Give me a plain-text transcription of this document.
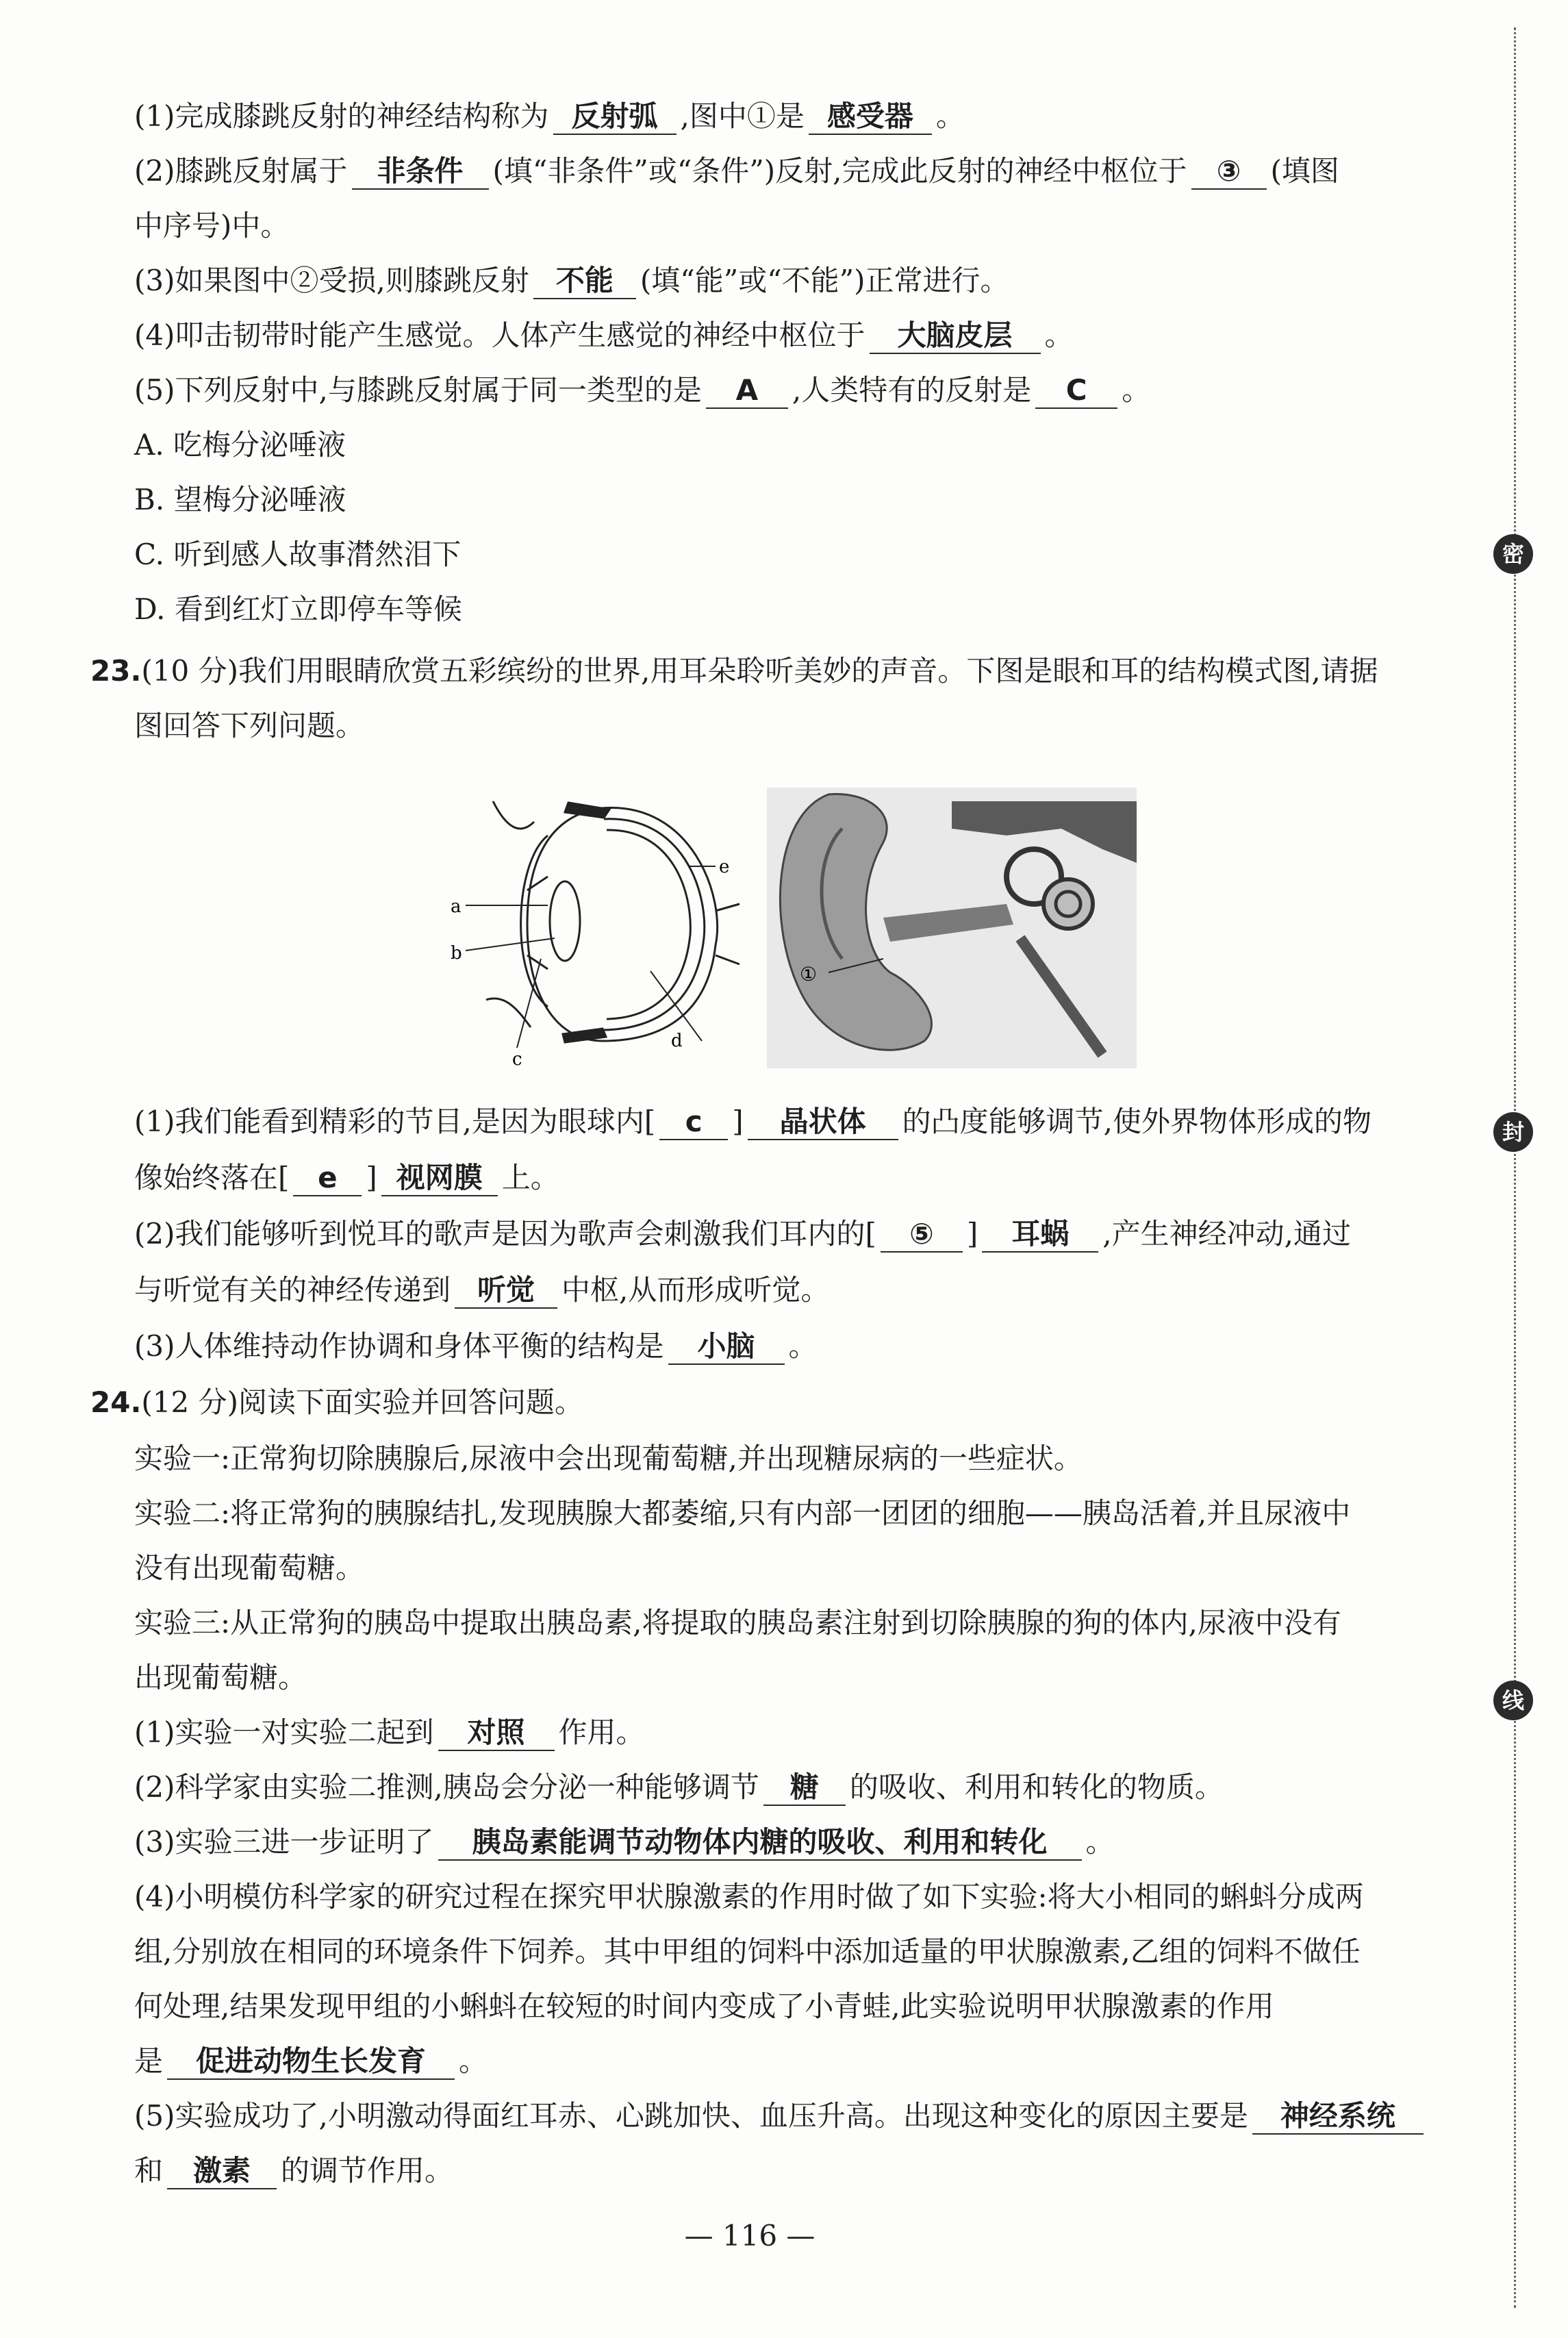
密
封
线
(1)完成膝跳反射的神经结构称为 反射弧 ,图中①是 感受器 。
(2)膝跳反射属于 非条件 (填“非条件”或“条件”)反射,完成此反射的神经中枢位于 ③ (填图
中序号)中。
(3)如果图中②受损,则膝跳反射 不能 (填“能”或“不能”)正常进行。
(4)叩击韧带时能产生感觉。人体产生感觉的神经中枢位于 大脑皮层 。
(5)下列反射中,与膝跳反射属于同一类型的是 A ,人类特有的反射是 C 。
A. 吃梅分泌唾液
B. 望梅分泌唾液
C. 听到感人故事潸然泪下
D. 看到红灯立即停车等候
23.(10 分)我们用眼睛欣赏五彩缤纷的世界,用耳朵聆听美妙的声音。下图是眼和耳的结构模式图,请据
图回答下列问题。
a
b
c
d
e
①
(1)我们能看到精彩的节目,是因为眼球内[ c ] 晶状体 的凸度能够调节,使外界物体形成的物
像始终落在[ e ] 视网膜 上。
(2)我们能够听到悦耳的歌声是因为歌声会刺激我们耳内的[ ⑤ ] 耳蜗 ,产生神经冲动,通过
与听觉有关的神经传递到 听觉 中枢,从而形成听觉。
(3)人体维持动作协调和身体平衡的结构是 小脑 。
24.(12 分)阅读下面实验并回答问题。
实验一:正常狗切除胰腺后,尿液中会出现葡萄糖,并出现糖尿病的一些症状。
实验二:将正常狗的胰腺结扎,发现胰腺大都萎缩,只有内部一团团的细胞——胰岛活着,并且尿液中
没有出现葡萄糖。
实验三:从正常狗的胰岛中提取出胰岛素,将提取的胰岛素注射到切除胰腺的狗的体内,尿液中没有
出现葡萄糖。
(1)实验一对实验二起到 对照 作用。
(2)科学家由实验二推测,胰岛会分泌一种能够调节 糖 的吸收、利用和转化的物质。
(3)实验三进一步证明了 胰岛素能调节动物体内糖的吸收、利用和转化 。
(4)小明模仿科学家的研究过程在探究甲状腺激素的作用时做了如下实验:将大小相同的蝌蚪分成两
组,分别放在相同的环境条件下饲养。其中甲组的饲料中添加适量的甲状腺激素,乙组的饲料不做任
何处理,结果发现甲组的小蝌蚪在较短的时间内变成了小青蛙,此实验说明甲状腺激素的作用
是 促进动物生长发育 。
(5)实验成功了,小明激动得面红耳赤、心跳加快、血压升高。出现这种变化的原因主要是 神经系统
和 激素 的调节作用。
— 116 —
